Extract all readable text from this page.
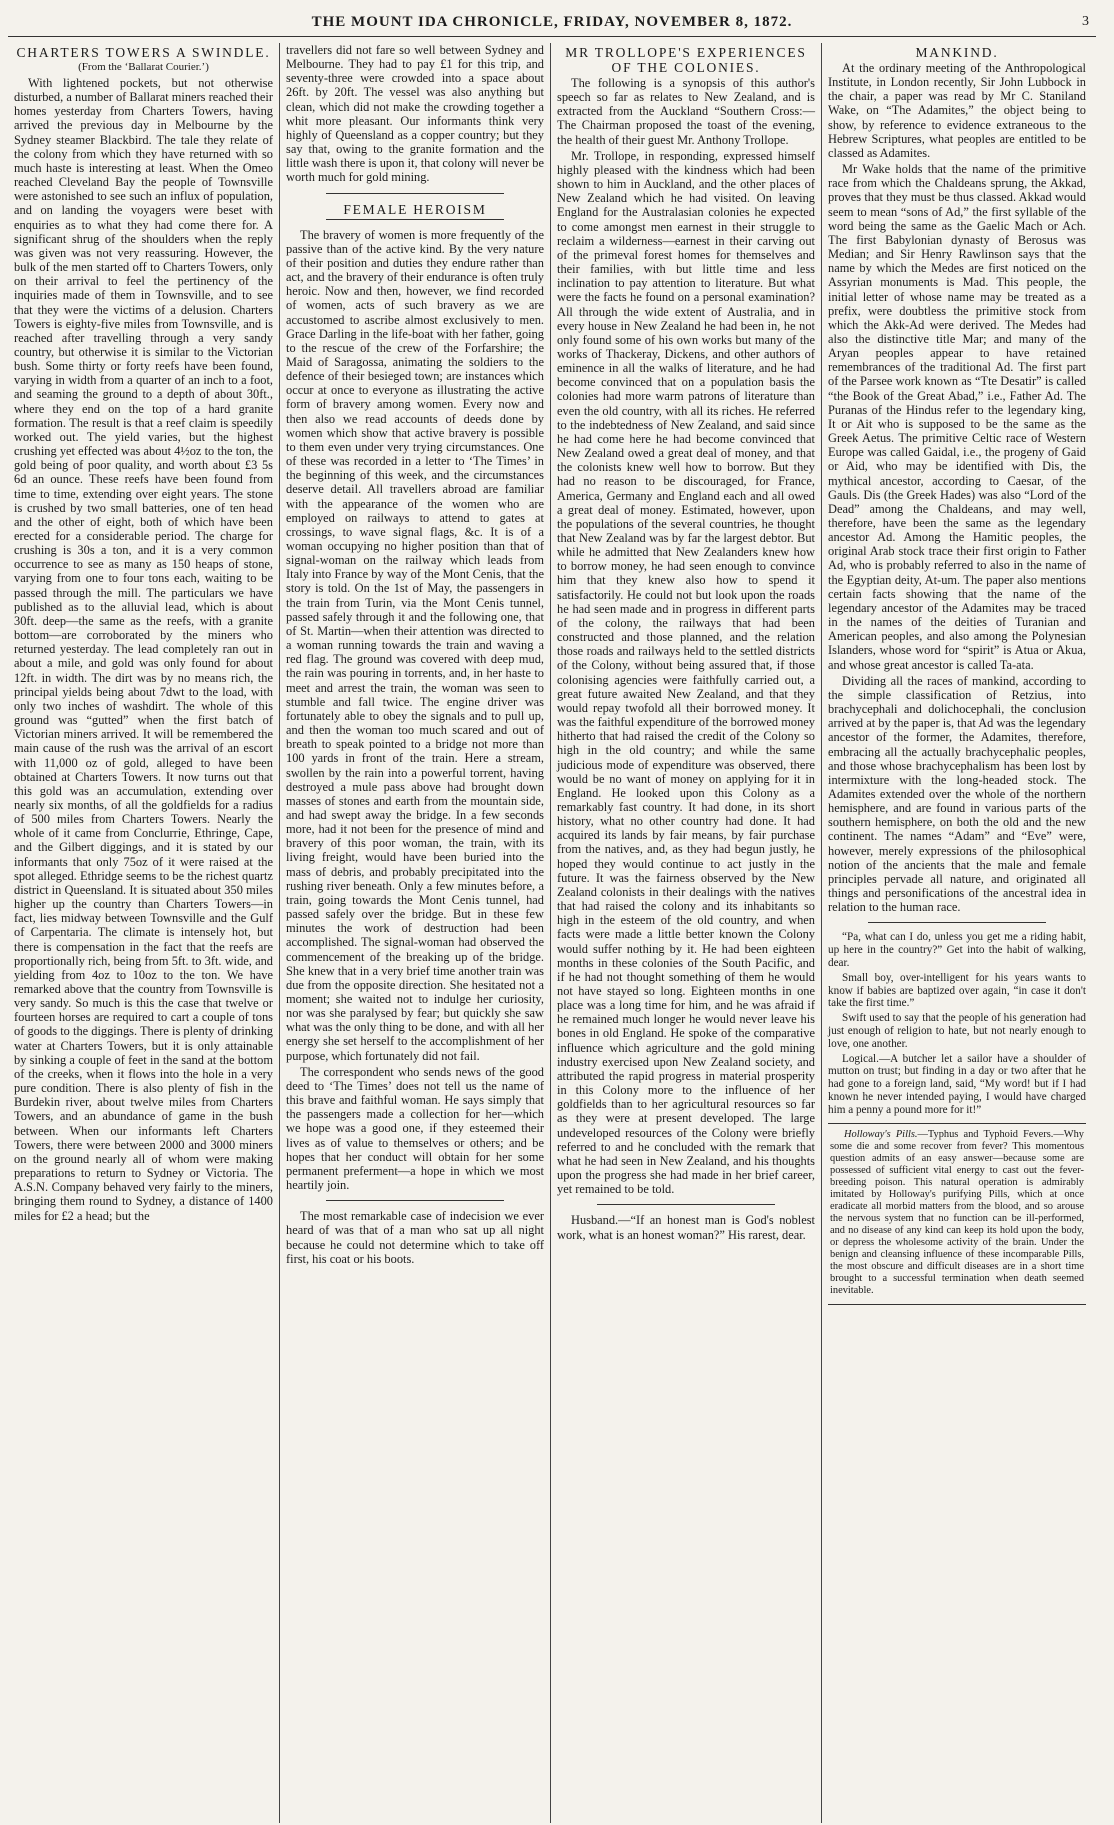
THE MOUNT IDA CHRONICLE, FRIDAY, NOVEMBER 8, 1872.	3
CHARTERS TOWERS A SWINDLE.
(From the ‘Ballarat Courier.’)

With lightened pockets, but not otherwise disturbed, a number of Ballarat miners reached their homes yesterday from Charters Towers, having arrived the previous day in Melbourne by the Sydney steamer Blackbird. The tale they relate of the colony from which they have returned with so much haste is interesting at least. When the Omeo reached Cleveland Bay the people of Townsville were astonished to see such an influx of population, and on landing the voyagers were beset with enquiries as to what they had come there for. A significant shrug of the shoulders when the reply was given was not very reassuring. However, the bulk of the men started off to Charters Towers, only on their arrival to feel the pertinency of the inquiries made of them in Townsville, and to see that they were the victims of a delusion. Charters Towers is eighty-five miles from Townsville, and is reached after travelling through a very sandy country, but otherwise it is similar to the Victorian bush. Some thirty or forty reefs have been found, varying in width from a quarter of an inch to a foot, and seaming the ground to a depth of about 30ft., where they end on the top of a hard granite formation. The result is that a reef claim is speedily worked out. The yield varies, but the highest crushing yet effected was about 4½oz to the ton, the gold being of poor quality, and worth about £3 5s 6d an ounce. These reefs have been found from time to time, extending over eight years. The stone is crushed by two small batteries, one of ten head and the other of eight, both of which have been erected for a considerable period. The charge for crushing is 30s a ton, and it is a very common occurrence to see as many as 150 heaps of stone, varying from one to four tons each, waiting to be passed through the mill. The particulars we have published as to the alluvial lead, which is about 30ft. deep—the same as the reefs, with a granite bottom—are corroborated by the miners who returned yesterday. The lead completely ran out in about a mile, and gold was only found for about 12ft. in width. The dirt was by no means rich, the principal yields being about 7dwt to the load, with only two inches of washdirt. The whole of this ground was “gutted” when the first batch of Victorian miners arrived. It will be remembered the main cause of the rush was the arrival of an escort with 11,000 oz of gold, alleged to have been obtained at Charters Towers. It now turns out that this gold was an accumulation, extending over nearly six months, of all the goldfields for a radius of 500 miles from Charters Towers. Nearly the whole of it came from Conclurrie, Ethringe, Cape, and the Gilbert diggings, and it is stated by our informants that only 75oz of it were raised at the spot alleged. Ethridge seems to be the richest quartz district in Queensland. It is situated about 350 miles higher up the country than Charters Towers—in fact, lies midway between Townsville and the Gulf of Carpentaria. The climate is intensely hot, but there is compensation in the fact that the reefs are proportionally rich, being from 5ft. to 3ft. wide, and yielding from 4oz to 10oz to the ton. We have remarked above that the country from Townsville is very sandy. So much is this the case that twelve or fourteen horses are required to cart a couple of tons of goods to the diggings. There is plenty of drinking water at Charters Towers, but it is only attainable by sinking a couple of feet in the sand at the bottom of the creeks, when it flows into the hole in a very pure condition. There is also plenty of fish in the Burdekin river, about twelve miles from Charters Towers, and an abundance of game in the bush between. When our informants left Charters Towers, there were between 2000 and 3000 miners on the ground nearly all of whom were making preparations to return to Sydney or Victoria. The A.S.N. Company behaved very fairly to the miners, bringing them round to Sydney, a distance of 1400 miles for £2 a head; but the

travellers did not fare so well between Sydney and Melbourne. They had to pay £1 for this trip, and seventy-three were crowded into a space about 26ft. by 20ft. The vessel was also anything but clean, which did not make the crowding together a whit more pleasant. Our informants think very highly of Queensland as a copper country; but they say that, owing to the granite formation and the little wash there is upon it, that colony will never be worth much for gold mining.

FEMALE HEROISM

The bravery of women is more frequently of the passive than of the active kind. By the very nature of their position and duties they endure rather than act, and the bravery of their endurance is often truly heroic. Now and then, however, we find recorded of women, acts of such bravery as we are accustomed to ascribe almost exclusively to men. Grace Darling in the life-boat with her father, going to the rescue of the crew of the Forfarshire; the Maid of Saragossa, animating the soldiers to the defence of their besieged town; are instances which occur at once to everyone as illustrating the active form of bravery among women. Every now and then also we read accounts of deeds done by women which show that active bravery is possible to them even under very trying circumstances. One of these was recorded in a letter to ‘The Times’ in the beginning of this week, and the circumstances deserve detail. All travellers abroad are familiar with the appearance of the women who are employed on railways to attend to gates at crossings, to wave signal flags, &c. It is of a woman occupying no higher position than that of signal-woman on the railway which leads from Italy into France by way of the Mont Cenis, that the story is told. On the 1st of May, the passengers in the train from Turin, via the Mont Cenis tunnel, passed safely through it and the following one, that of St. Martin—when their attention was directed to a woman running towards the train and waving a red flag. The ground was covered with deep mud, the rain was pouring in torrents, and, in her haste to meet and arrest the train, the woman was seen to stumble and fall twice. The engine driver was fortunately able to obey the signals and to pull up, and then the woman too much scared and out of breath to speak pointed to a bridge not more than 100 yards in front of the train. Here a stream, swollen by the rain into a powerful torrent, having destroyed a mule pass above had brought down masses of stones and earth from the mountain side, and had swept away the bridge. In a few seconds more, had it not been for the presence of mind and bravery of this poor woman, the train, with its living freight, would have been buried into the mass of debris, and probably precipitated into the rushing river beneath. Only a few minutes before, a train, going towards the Mont Cenis tunnel, had passed safely over the bridge. But in these few minutes the work of destruction had been accomplished. The signal-woman had observed the commencement of the breaking up of the bridge. She knew that in a very brief time another train was due from the opposite direction. She hesitated not a moment; she waited not to indulge her curiosity, nor was she paralysed by fear; but quickly she saw what was the only thing to be done, and with all her energy she set herself to the accomplishment of her purpose, which fortunately did not fail.

The correspondent who sends news of the good deed to ‘The Times’ does not tell us the name of this brave and faithful woman. He says simply that the passengers made a collection for her—which we hope was a good one, if they esteemed their lives as of value to themselves or others; and be hopes that her conduct will obtain for her some permanent preferment—a hope in which we most heartily join.

The most remarkable case of indecision we ever heard of was that of a man who sat up all night because he could not determine which to take off first, his coat or his boots.

MR TROLLOPE'S EXPERIENCES OF THE COLONIES.

The following is a synopsis of this author's speech so far as relates to New Zealand, and is extracted from the Auckland “Southern Cross:—The Chairman proposed the toast of the evening, the health of their guest Mr. Anthony Trollope.

Mr. Trollope, in responding, expressed himself highly pleased with the kindness which had been shown to him in Auckland, and the other places of New Zealand which he had visited. On leaving England for the Australasian colonies he expected to come amongst men earnest in their struggle to reclaim a wilderness—earnest in their carving out of the primeval forest homes for themselves and their families, with but little time and less inclination to pay attention to literature. But what were the facts he found on a personal examination? All through the wide extent of Australia, and in every house in New Zealand he had been in, he not only found some of his own works but many of the works of Thackeray, Dickens, and other authors of eminence in all the walks of literature, and he had become convinced that on a population basis the colonies had more warm patrons of literature than even the old country, with all its riches. He referred to the indebtedness of New Zealand, and said since he had come here he had become convinced that New Zealand owed a great deal of money, and that the colonists knew well how to borrow. But they had no reason to be discouraged, for France, America, Germany and England each and all owed a great deal of money. Estimated, however, upon the populations of the several countries, he thought that New Zealand was by far the largest debtor. But while he admitted that New Zealanders knew how to borrow money, he had seen enough to convince him that they knew also how to spend it satisfactorily. He could not but look upon the roads he had seen made and in progress in different parts of the colony, the railways that had been constructed and those planned, and the relation those roads and railways held to the settled districts of the Colony, without being assured that, if those colonising agencies were faithfully carried out, a great future awaited New Zealand, and that they would repay twofold all their borrowed money. It was the faithful expenditure of the borrowed money hitherto that had raised the credit of the Colony so high in the old country; and while the same judicious mode of expenditure was observed, there would be no want of money on applying for it in England. He looked upon this Colony as a remarkably fast country. It had done, in its short history, what no other country had done. It had acquired its lands by fair means, by fair purchase from the natives, and, as they had begun justly, he hoped they would continue to act justly in the future. It was the fairness observed by the New Zealand colonists in their dealings with the natives that had raised the colony and its inhabitants so high in the esteem of the old country, and when facts were made a little better known the Colony would suffer nothing by it. He had been eighteen months in these colonies of the South Pacific, and if he had not thought something of them he would not have stayed so long. Eighteen months in one place was a long time for him, and he was afraid if he remained much longer he would never leave his bones in old England. He spoke of the comparative influence which agriculture and the gold mining industry exercised upon New Zealand society, and attributed the rapid progress in material prosperity in this Colony more to the influence of her goldfields than to her agricultural resources so far as they were at present developed. The large undeveloped resources of the Colony were briefly referred to and he concluded with the remark that what he had seen in New Zealand, and his thoughts upon the progress she had made in her brief career, yet remained to be told.

Husband.—“If an honest man is God's noblest work, what is an honest woman?” His rarest, dear.

MANKIND.

At the ordinary meeting of the Anthropological Institute, in London recently, Sir John Lubbock in the chair, a paper was read by Mr C. Staniland Wake, on “The Adamites,” the object being to show, by reference to evidence extraneous to the Hebrew Scriptures, what peoples are entitled to be classed as Adamites.

Mr Wake holds that the name of the primitive race from which the Chaldeans sprung, the Akkad, proves that they must be thus classed. Akkad would seem to mean “sons of Ad,” the first syllable of the word being the same as the Gaelic Mach or Ach. The first Babylonian dynasty of Berosus was Median; and Sir Henry Rawlinson says that the name by which the Medes are first noticed on the Assyrian monuments is Mad. This people, the initial letter of whose name may be treated as a prefix, were doubtless the primitive stock from which the Akk-Ad were derived. The Medes had also the distinctive title Mar; and many of the Aryan peoples appear to have retained remembrances of the traditional Ad. The first part of the Parsee work known as “Tte Desatir” is called “the Book of the Great Abad,” i.e., Father Ad. The Puranas of the Hindus refer to the legendary king, It or Ait who is supposed to be the same as the Greek Aetus. The primitive Celtic race of Western Europe was called Gaidal, i.e., the progeny of Gaid or Aid, who may be identified with Dis, the mythical ancestor, according to Caesar, of the Gauls. Dis (the Greek Hades) was also “Lord of the Dead” among the Chaldeans, and may well, therefore, have been the same as the legendary ancestor Ad. Among the Hamitic peoples, the original Arab stock trace their first origin to Father Ad, who is probably referred to also in the name of the Egyptian deity, At-um. The paper also mentions certain facts showing that the name of the legendary ancestor of the Adamites may be traced in the names of the deities of Turanian and American peoples, and also among the Polynesian Islanders, whose word for “spirit” is Atua or Akua, and whose great ancestor is called Ta-ata.

Dividing all the races of mankind, according to the simple classification of Retzius, into brachycephali and dolichocephali, the conclusion arrived at by the paper is, that Ad was the legendary ancestor of the former, the Adamites, therefore, embracing all the actually brachycephalic peoples, and those whose brachycephalism has been lost by intermixture with the long-headed stock. The Adamites extended over the whole of the northern hemisphere, and are found in various parts of the southern hemisphere, on both the old and the new continent. The names “Adam” and “Eve” were, however, merely expressions of the philosophical notion of the ancients that the male and female principles pervade all nature, and originated all things and personifications of the ancestral idea in relation to the human race.

“Pa, what can I do, unless you get me a riding habit, up here in the country?” Get into the habit of walking, dear.

Small boy, over-intelligent for his years wants to know if babies are baptized over again, “in case it don't take the first time.”

Swift used to say that the people of his generation had just enough of religion to hate, but not nearly enough to love, one another.

Logical.—A butcher let a sailor have a shoulder of mutton on trust; but finding in a day or two after that he had gone to a foreign land, said, “My word! but if I had known he never intended paying, I would have charged him a penny a pound more for it!”

Holloway's Pills.—Typhus and Typhoid Fevers.—Why some die and some recover from fever? This momentous question admits of an easy answer—because some are possessed of sufficient vital energy to cast out the fever-breeding poison. This natural operation is admirably imitated by Holloway's purifying Pills, which at once eradicate all morbid matters from the blood, and so arouse the nervous system that no function can be ill-performed, and no disease of any kind can keep its hold upon the body, or depress the wholesome activity of the brain. Under the benign and cleansing influence of these incomparable Pills, the most obscure and difficult diseases are in a short time brought to a successful termination when death seemed inevitable.
